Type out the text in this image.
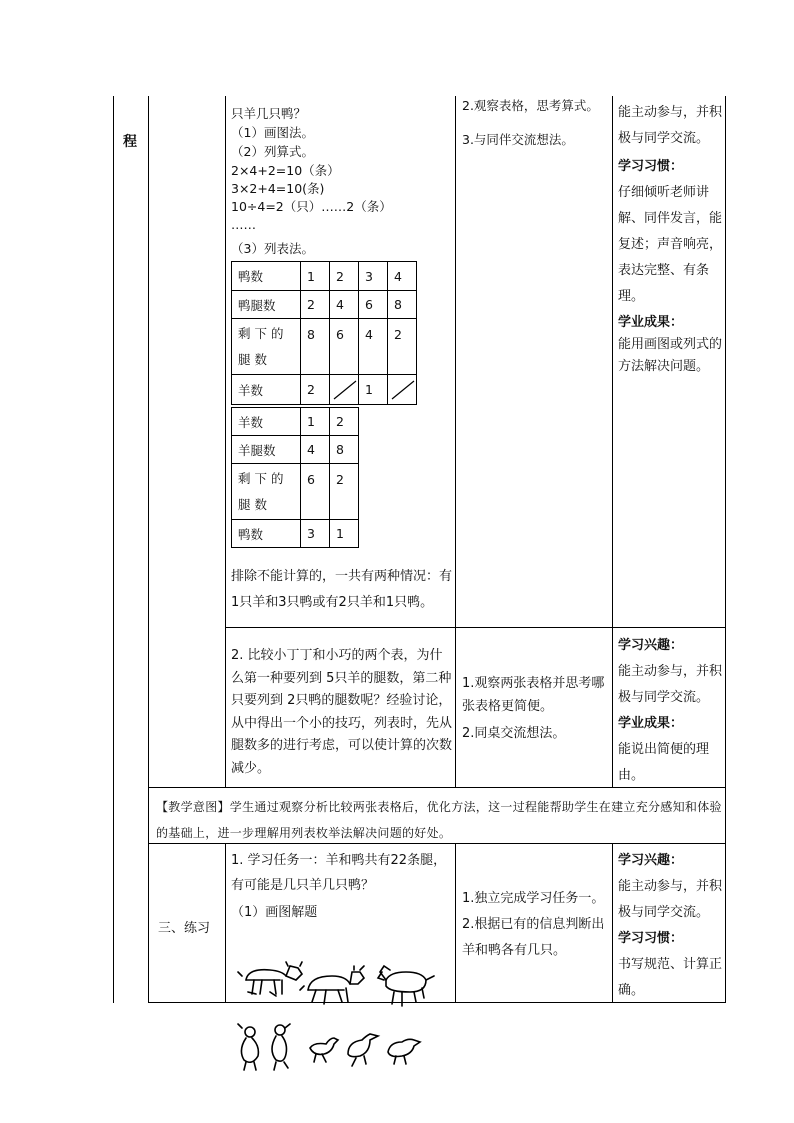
程
只羊几只鸭？
（1）画图法。
（2）列算式。
2×4+2=10（条）
3×2+4=10(条)
10÷4=2（只）……2（条）
……
（3）列表法。
鸭数	1	2	3	4
鸭腿数	2	4	6	8

剩下的腿数	8	6	4	2
羊数	2		1	
羊数	1	2
羊腿数	4	8

剩下的腿数	6	2
鸭数	3	1
排除不能计算的，一共有两种情况：有1只羊和3只鸭或有2只羊和1只鸭。
2.观察表格，思考算式。
3.与同伴交流想法。
能主动参与，并积极与同学交流。
学习习惯：
仔细倾听老师讲解、同伴发言，能复述；声音响亮，表达完整、有条理。
学业成果：
能用画图或列式的方法解决问题。
2. 比较小丁丁和小巧的两个表，为什么第一种要列到 5只羊的腿数，第二种只要列到 2只鸭的腿数呢？经验讨论，从中得出一个小的技巧，列表时，先从腿数多的进行考虑，可以使计算的次数减少。
1.观察两张表格并思考哪张表格更简便。
2.同桌交流想法。
学习兴趣：
能主动参与，并积极与同学交流。
学业成果：
能说出简便的理由。
【教学意图】学生通过观察分析比较两张表格后，优化方法，这一过程能帮助学生在建立充分感知和体验的基础上，进一步理解用列表枚举法解决问题的好处。
三、练习
1. 学习任务一：羊和鸭共有22条腿，有可能是几只羊几只鸭？
（1）画图解题
1.独立完成学习任务一。
2.根据已有的信息判断出羊和鸭各有几只。
学习兴趣：
能主动参与，并积极与同学交流。
学习习惯：
书写规范、计算正确。
